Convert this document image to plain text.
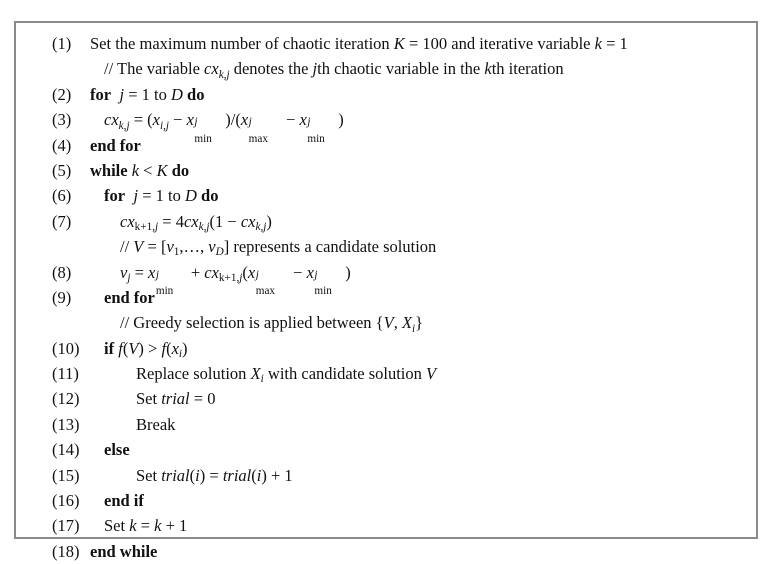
(1)	Set the maximum number of chaotic iteration K = 100 and iterative variable k = 1
// The variable $cx_{k,j}$ denotes the jth chaotic variable in the kth iteration
(2)	for j = 1 to D do
(3)	$cx_{k,j} = (x_{i,j} - x$ j
min
)/(x j
max
− x j
min
)
(4)	end for
(5)	while k < K do
(6)	for j = 1 to D do
(7)	$cx_{k+1,j} = 4cx_{k,j}(1 - cx_{k,j})$
// $V = [v_1,\dots$, $v_D$] represents a candidate solution
(8)	$v_j = x$ j
min
+ $cx_{k+1,j}(x$ j
max
− x j
min
)
(9)	end for
// Greedy selection is applied between {V, $X_i$}
(10)	if $f(V) > f(x_i)$
(11)	Replace solution $X_i$ with candidate solution V
(12)	Set trial = 0
(13)	Break
(14)	else
(15)	Set trial(i) = trial(i) + 1
(16)	end if
(17)	Set k = k + 1
(18) end while
